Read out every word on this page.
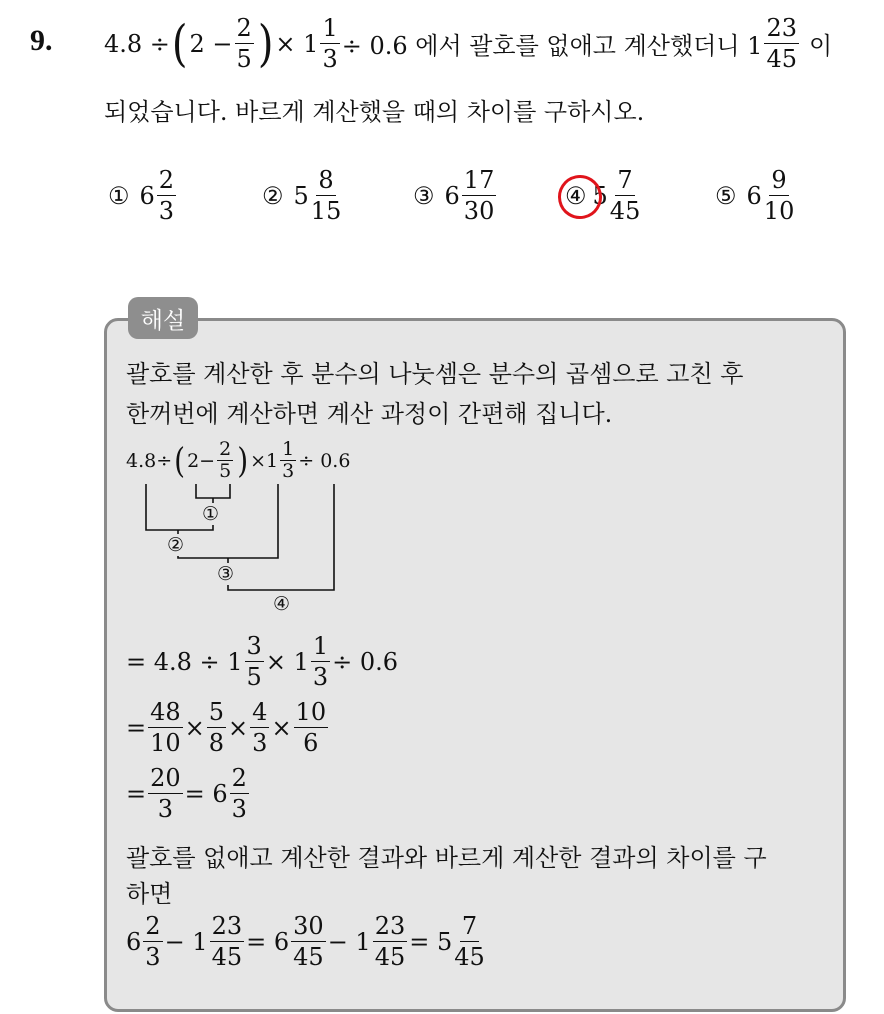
9. 4.8 ÷ ( $2 - \frac{2}{5}$ ) × $1 \frac{1}{3} \div 0.6$ 에서 괄호를 없애고 계산했더니 $1 \frac{23}{45}$ 이
되었습니다. 바르게 계산했을 때의 차이를 구하시오.
① $6 \frac{2}{3}$	② $5 \frac{8}{15}$	③ $6 \frac{17}{30}$	④ $5 \frac{7}{45}$	⑤ $6 \frac{9}{10}$
해설
괄호를 계산한 후 분수의 나눗셈은 분수의 곱셈으로 고친 후
한꺼번에 계산하면 계산 과정이 간편해 집니다.
4.8÷ ( $2- \frac{2}{5}$ ) $\times 1 \frac{1}{3} \div 0.6$
①
②
③
④
= $4.8 \div 1 \frac{3}{5} \times 1 \frac{1}{3} \div 0.6$
= $\frac{48}{10} \times \frac{5}{8} \times \frac{4}{3} \times \frac{10}{6}$
= $\frac{20}{3} = 6 \frac{2}{3}$
괄호를 없애고 계산한 결과와 바르게 계산한 결과의 차이를 구
하면
$6 \frac{2}{3} - 1 \frac{23}{45} = 6 \frac{30}{45} - 1 \frac{23}{45} = 5 \frac{7}{45}$
